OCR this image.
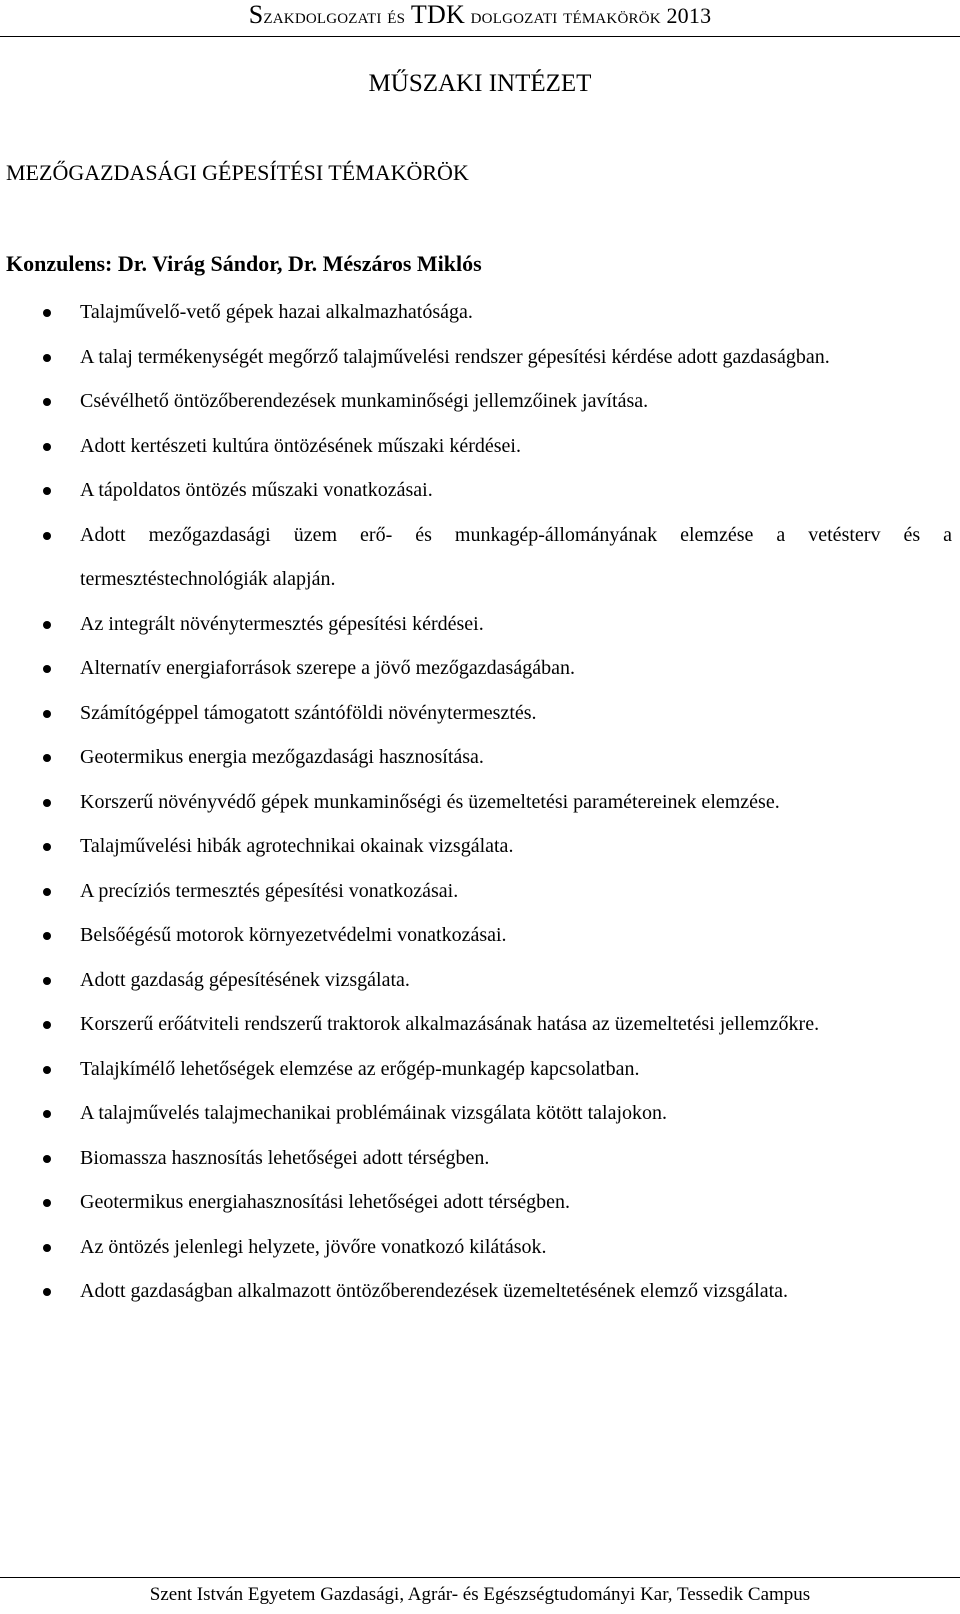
Szakdolgozati és TDK dolgozati témakörök 2013
MŰSZAKI INTÉZET
MEZŐGAZDASÁGI GÉPESÍTÉSI TÉMAKÖRÖK
Konzulens: Dr. Virág Sándor, Dr. Mészáros Miklós
Talajművelő-vető gépek hazai alkalmazhatósága.
A talaj termékenységét megőrző talajművelési rendszer gépesítési kérdése adott gazdaságban.
Csévélhető öntözőberendezések munkaminőségi jellemzőinek javítása.
Adott kertészeti kultúra öntözésének műszaki kérdései.
A tápoldatos öntözés műszaki vonatkozásai.
Adott mezőgazdasági üzem erő- és munkagép-állományának elemzése a vetésterv és a termesztéstechnológiák alapján.
Az integrált növénytermesztés gépesítési kérdései.
Alternatív energiaforrások szerepe a jövő mezőgazdaságában.
Számítógéppel támogatott szántóföldi növénytermesztés.
Geotermikus energia mezőgazdasági hasznosítása.
Korszerű növényvédő gépek munkaminőségi és üzemeltetési paramétereinek elemzése.
Talajművelési hibák agrotechnikai okainak vizsgálata.
A precíziós termesztés gépesítési vonatkozásai.
Belsőégésű motorok környezetvédelmi vonatkozásai.
Adott gazdaság gépesítésének vizsgálata.
Korszerű erőátviteli rendszerű traktorok alkalmazásának hatása az üzemeltetési jellemzőkre.
Talajkímélő lehetőségek elemzése az erőgép-munkagép kapcsolatban.
A talajművelés talajmechanikai problémáinak vizsgálata kötött talajokon.
Biomassza hasznosítás lehetőségei adott térségben.
Geotermikus energiahasznosítási lehetőségei adott térségben.
Az öntözés jelenlegi helyzete, jövőre vonatkozó kilátások.
Adott gazdaságban alkalmazott öntözőberendezések üzemeltetésének elemző vizsgálata.
Szent István Egyetem Gazdasági, Agrár- és Egészségtudományi Kar, Tessedik Campus
